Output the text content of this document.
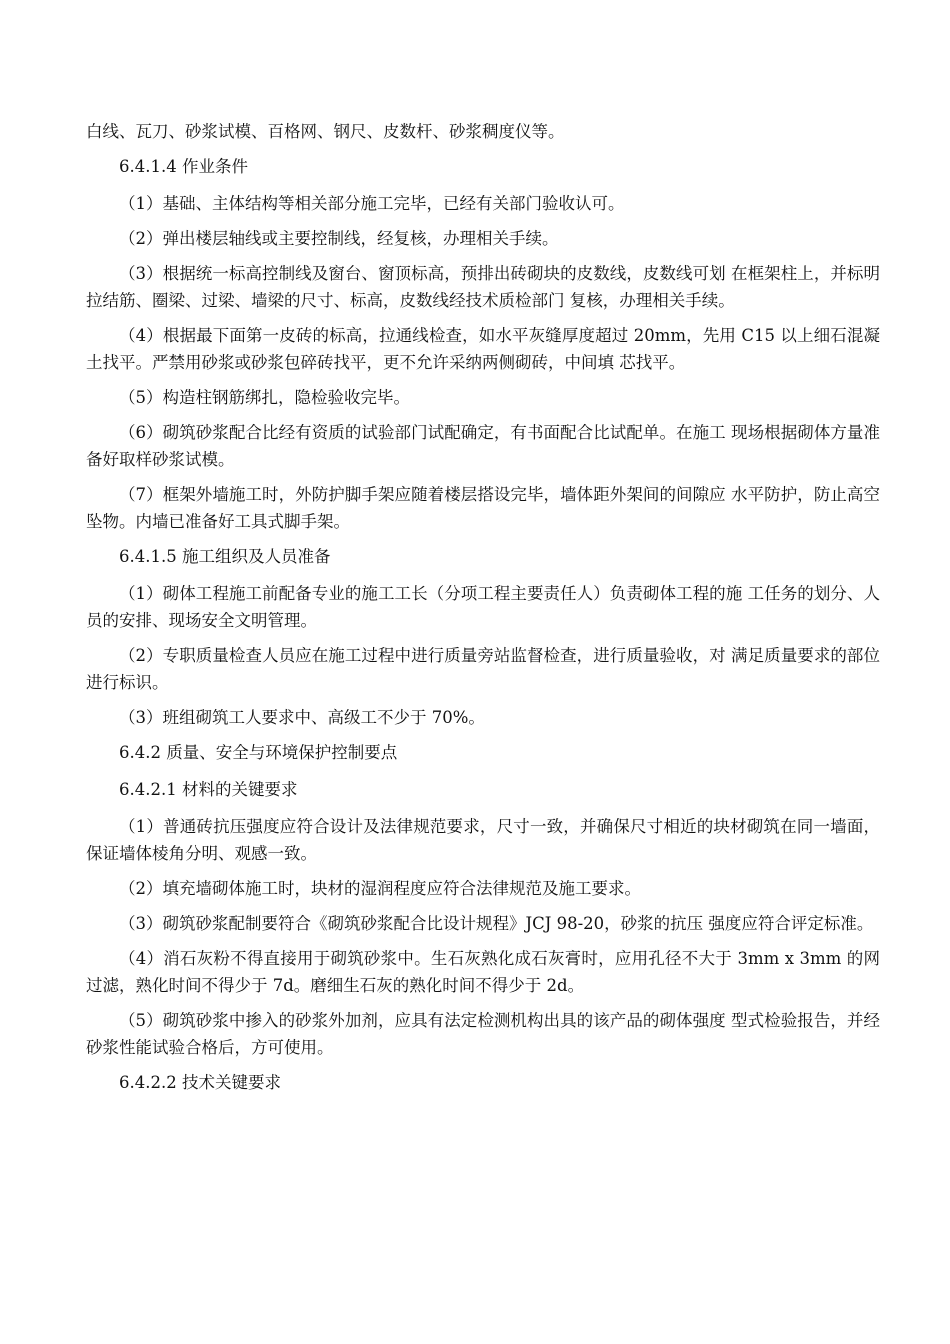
白线、瓦刀、砂浆试模、百格网、钢尺、皮数杆、砂浆稠度仪等。

6.4.1.4 作业条件

（1）基础、主体结构等相关部分施工完毕，已经有关部门验收认可。

（2）弹出楼层轴线或主要控制线，经复核，办理相关手续。

（3）根据统一标高控制线及窗台、窗顶标高，预排出砖砌块的皮数线，皮数线可划 在框架柱上，并标明拉结筋、圈梁、过梁、墙梁的尺寸、标高，皮数线经技术质检部门 复核，办理相关手续。

（4）根据最下面第一皮砖的标高，拉通线检查，如水平灰缝厚度超过 20mm，先用 C15 以上细石混凝土找平。严禁用砂浆或砂浆包碎砖找平，更不允许采纳两侧砌砖，中间填 芯找平。

（5）构造柱钢筋绑扎，隐检验收完毕。

（6）砌筑砂浆配合比经有资质的试验部门试配确定，有书面配合比试配单。在施工 现场根据砌体方量准备好取样砂浆试模。

（7）框架外墙施工时，外防护脚手架应随着楼层搭设完毕，墙体距外架间的间隙应 水平防护，防止高空坠物。内墙已准备好工具式脚手架。

6.4.1.5 施工组织及人员准备

（1）砌体工程施工前配备专业的施工工长（分项工程主要责任人）负责砌体工程的施 工任务的划分、人员的安排、现场安全文明管理。

（2）专职质量检查人员应在施工过程中进行质量旁站监督检查，进行质量验收，对 满足质量要求的部位进行标识。

（3）班组砌筑工人要求中、高级工不少于 70%。

6.4.2 质量、安全与环境保护控制要点

6.4.2.1 材料的关键要求

（1）普通砖抗压强度应符合设计及法律规范要求，尺寸一致，并确保尺寸相近的块材砌筑在同一墙面，保证墙体棱角分明、观感一致。

（2）填充墙砌体施工时，块材的湿润程度应符合法律规范及施工要求。

（3）砌筑砂浆配制要符合《砌筑砂浆配合比设计规程》JCJ 98-20，砂浆的抗压 强度应符合评定标准。

（4）消石灰粉不得直接用于砌筑砂浆中。生石灰熟化成石灰膏时，应用孔径不大于 3mm x 3mm 的网过滤，熟化时间不得少于 7d。磨细生石灰的熟化时间不得少于 2d。

（5）砌筑砂浆中掺入的砂浆外加剂，应具有法定检测机构出具的该产品的砌体强度 型式检验报告，并经砂浆性能试验合格后，方可使用。

6.4.2.2 技术关键要求
